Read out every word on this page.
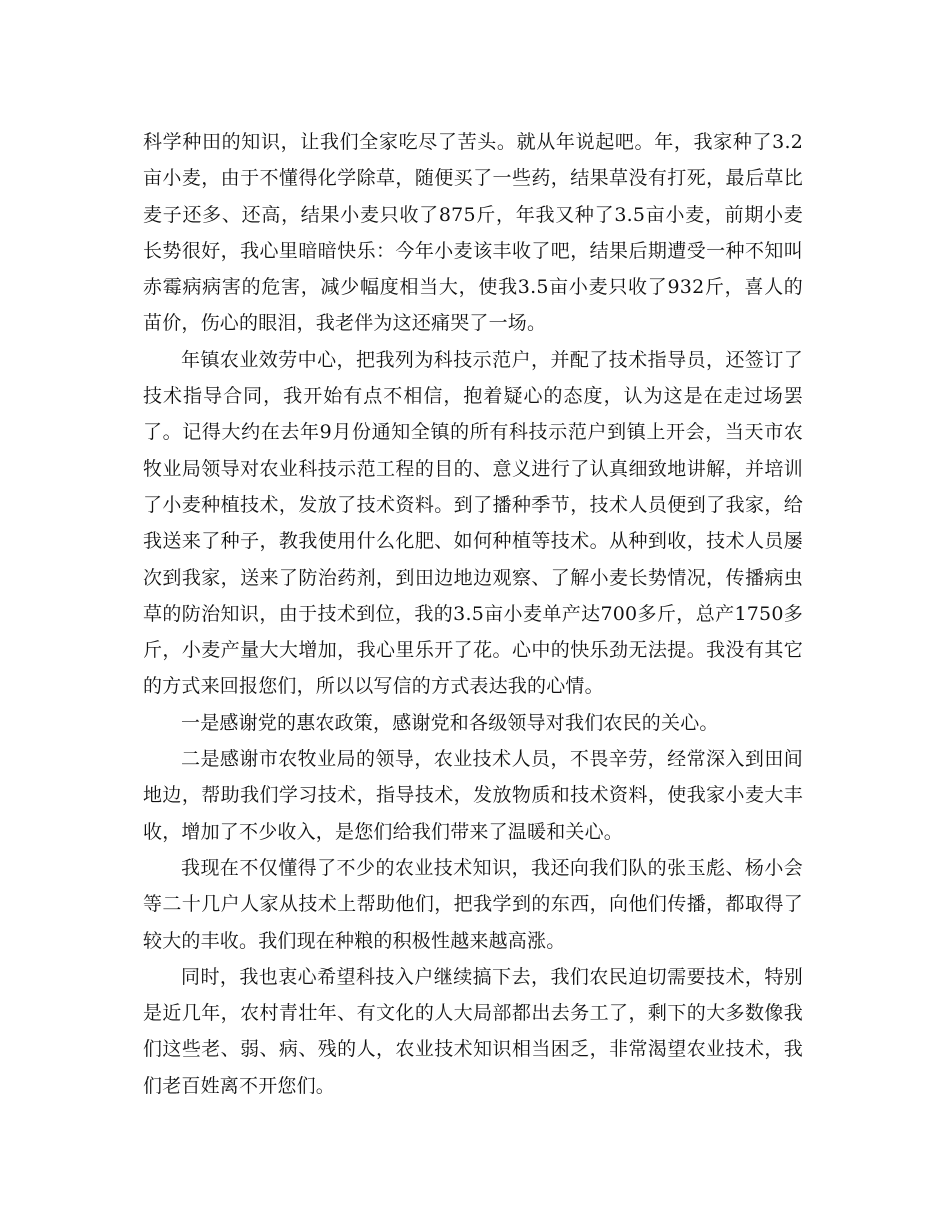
科学种田的知识，让我们全家吃尽了苦头。就从年说起吧。年，我家种了3.2亩小麦，由于不懂得化学除草，随便买了一些药，结果草没有打死，最后草比麦子还多、还高，结果小麦只收了875斤，年我又种了3.5亩小麦，前期小麦长势很好，我心里暗暗快乐：今年小麦该丰收了吧，结果后期遭受一种不知叫赤霉病病害的危害，减少幅度相当大，使我3.5亩小麦只收了932斤，喜人的苗价，伤心的眼泪，我老伴为这还痛哭了一场。

年镇农业效劳中心，把我列为科技示范户，并配了技术指导员，还签订了技术指导合同，我开始有点不相信，抱着疑心的态度，认为这是在走过场罢了。记得大约在去年9月份通知全镇的所有科技示范户到镇上开会，当天市农牧业局领导对农业科技示范工程的目的、意义进行了认真细致地讲解，并培训了小麦种植技术，发放了技术资料。到了播种季节，技术人员便到了我家，给我送来了种子，教我使用什么化肥、如何种植等技术。从种到收，技术人员屡次到我家，送来了防治药剂，到田边地边观察、了解小麦长势情况，传播病虫草的防治知识，由于技术到位，我的3.5亩小麦单产达700多斤，总产1750多斤，小麦产量大大增加，我心里乐开了花。心中的快乐劲无法提。我没有其它的方式来回报您们，所以以写信的方式表达我的心情。

一是感谢党的惠农政策，感谢党和各级领导对我们农民的关心。

二是感谢市农牧业局的领导，农业技术人员，不畏辛劳，经常深入到田间地边，帮助我们学习技术，指导技术，发放物质和技术资料，使我家小麦大丰收，增加了不少收入，是您们给我们带来了温暖和关心。

我现在不仅懂得了不少的农业技术知识，我还向我们队的张玉彪、杨小会等二十几户人家从技术上帮助他们，把我学到的东西，向他们传播，都取得了较大的丰收。我们现在种粮的积极性越来越高涨。

同时，我也衷心希望科技入户继续搞下去，我们农民迫切需要技术，特别是近几年，农村青壮年、有文化的人大局部都出去务工了，剩下的大多数像我们这些老、弱、病、残的人，农业技术知识相当困乏，非常渴望农业技术，我们老百姓离不开您们。
